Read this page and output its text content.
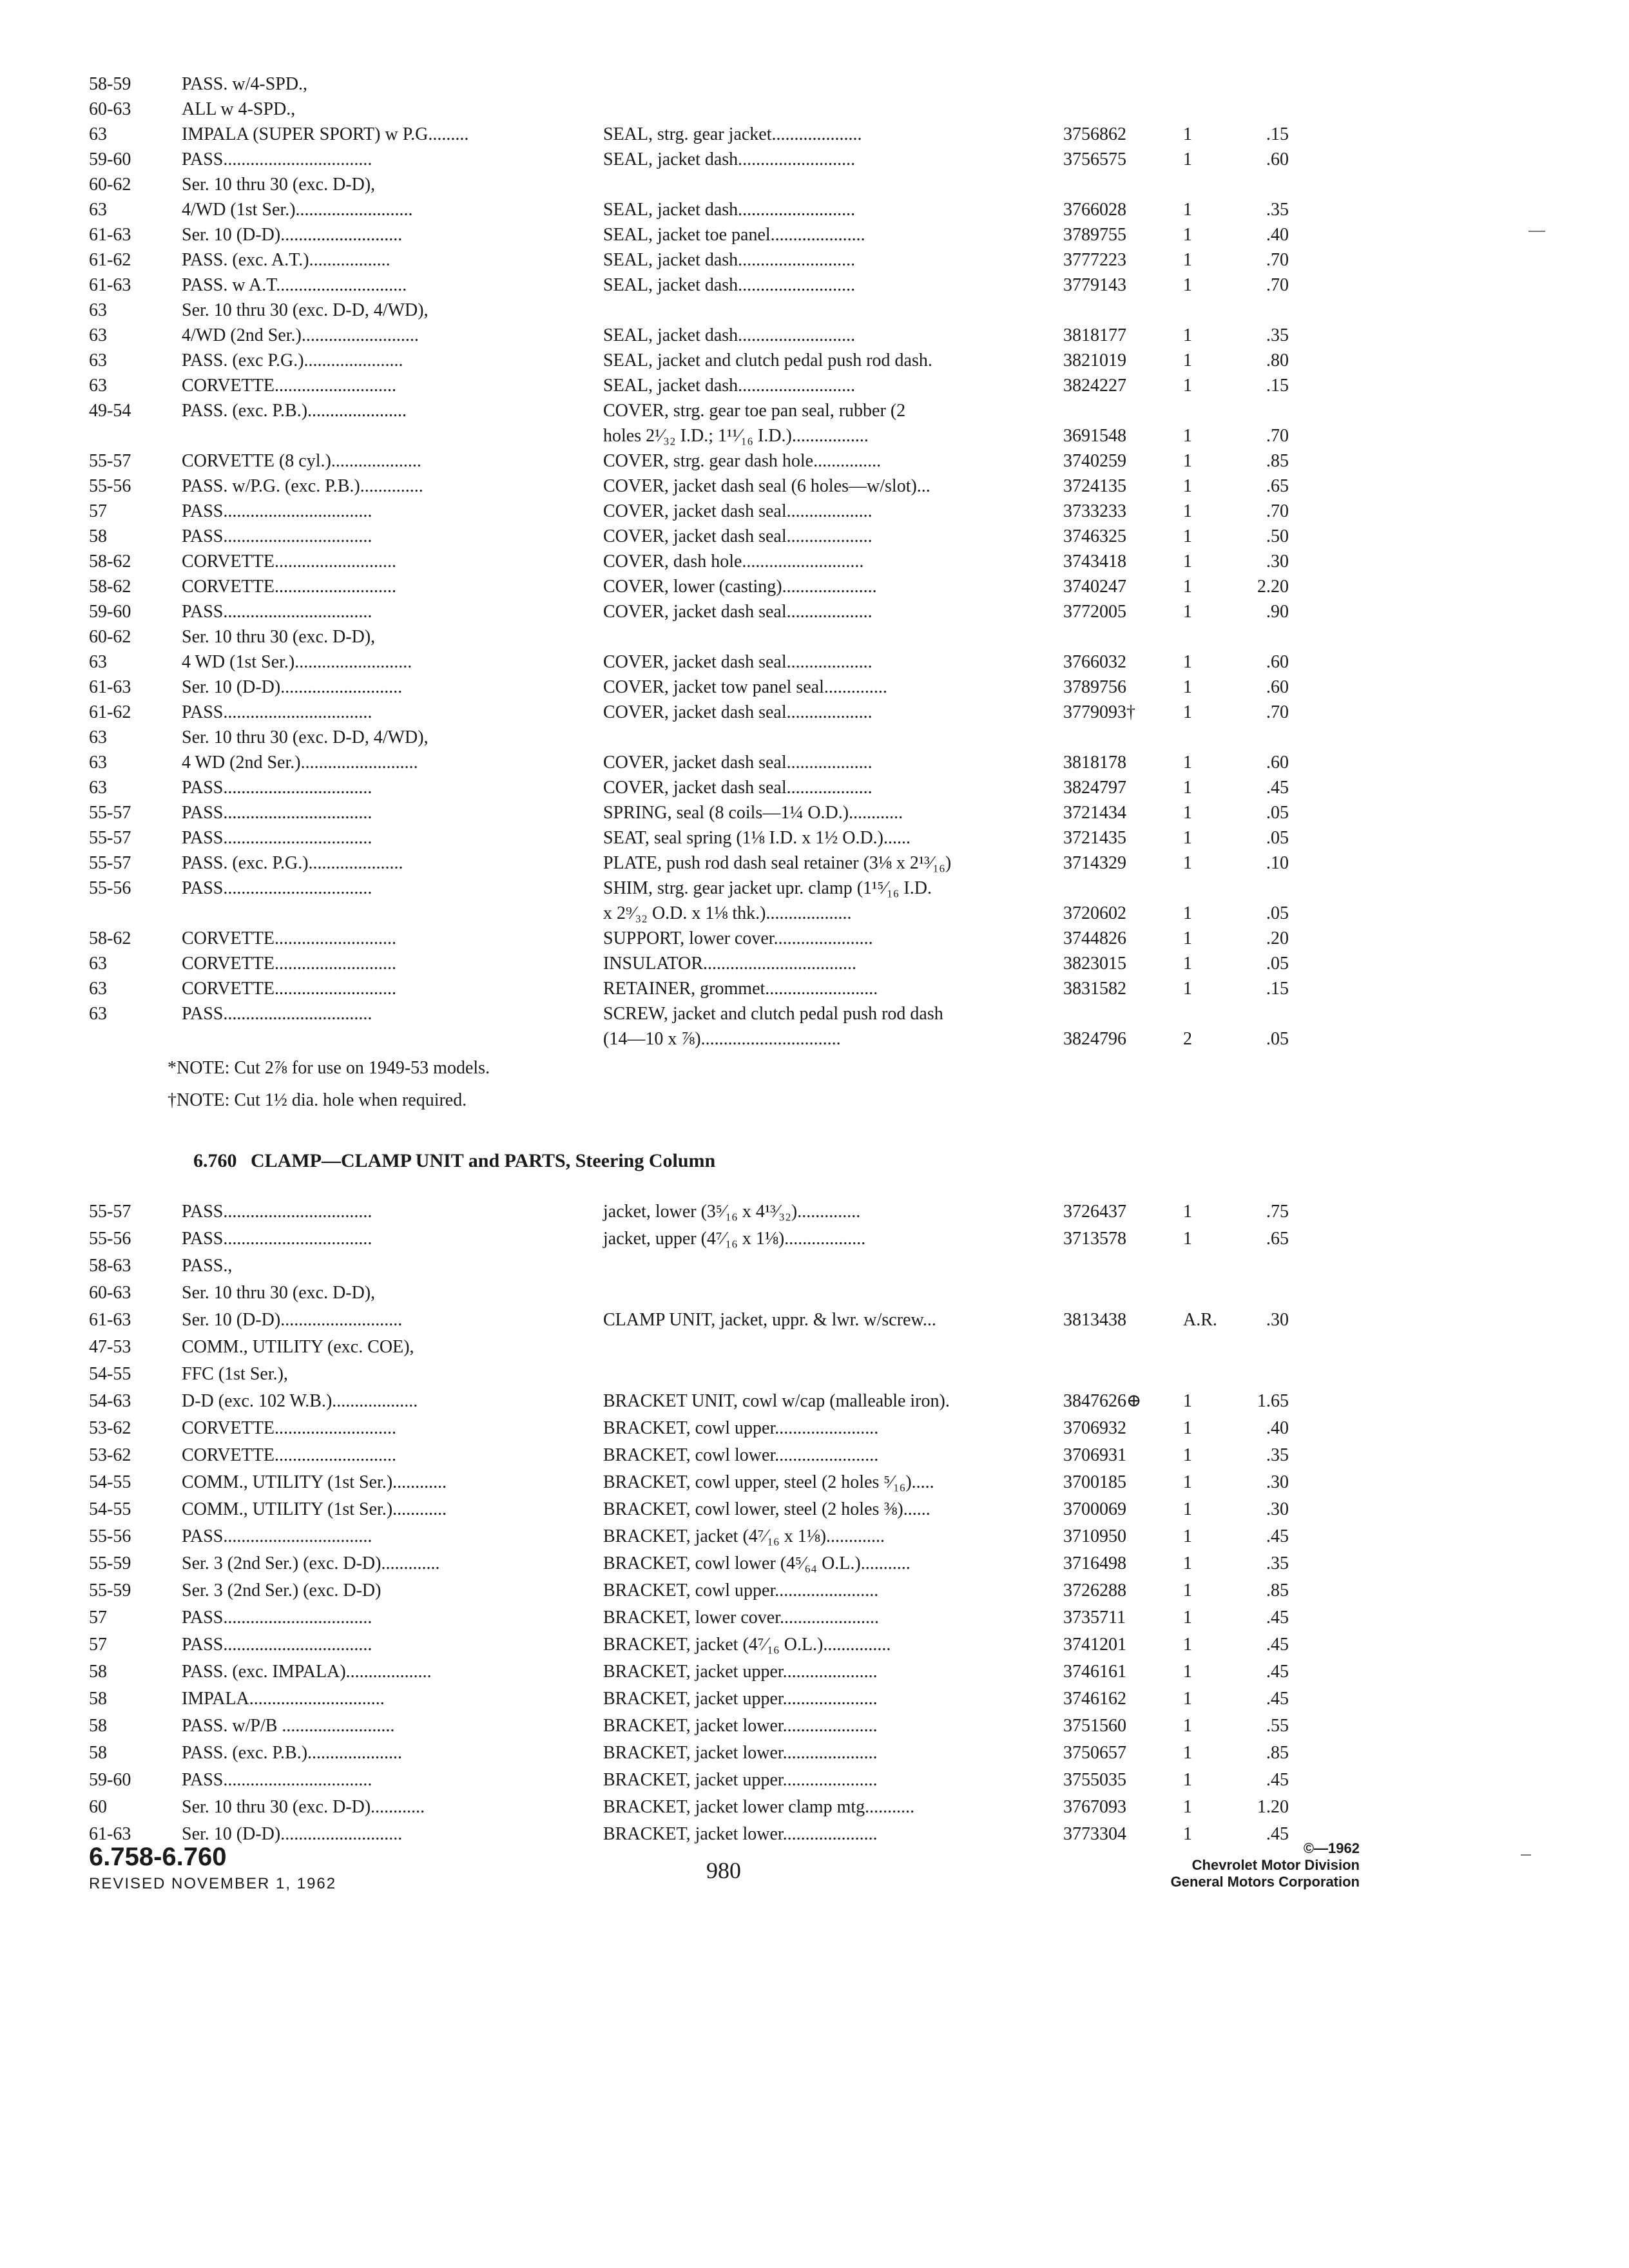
58-59	PASS. w/4-SPD.,
60-63	ALL w 4-SPD.,
63	IMPALA (SUPER SPORT) w P.G.........	SEAL, strg. gear jacket....................	3756862	1	.15
59-60	PASS.................................	SEAL, jacket dash..........................	3756575	1	.60
60-62	Ser. 10 thru 30 (exc. D-D),
63	4/WD (1st Ser.)..........................	SEAL, jacket dash..........................	3766028	1	.35
61-63	Ser. 10 (D-D)...........................	SEAL, jacket toe panel.....................	3789755	1	.40
61-62	PASS. (exc. A.T.)..................	SEAL, jacket dash..........................	3777223	1	.70
61-63	PASS. w A.T.............................	SEAL, jacket dash..........................	3779143	1	.70
63	Ser. 10 thru 30 (exc. D-D, 4/WD),
63	4/WD (2nd Ser.)..........................	SEAL, jacket dash..........................	3818177	1	.35
63	PASS. (exc P.G.)......................	SEAL, jacket and clutch pedal push rod dash.	3821019	1	.80
63	CORVETTE...........................	SEAL, jacket dash..........................	3824227	1	.15
49-54	PASS. (exc. P.B.)......................	COVER, strg. gear toe pan seal, rubber (2
holes 2¹⁄₃₂ I.D.; 1¹¹⁄₁₆ I.D.).................	3691548	1	.70
55-57	CORVETTE (8 cyl.)....................	COVER, strg. gear dash hole...............	3740259	1	.85
55-56	PASS. w/P.G. (exc. P.B.)..............	COVER, jacket dash seal (6 holes—w/slot)...	3724135	1	.65
57	PASS.................................	COVER, jacket dash seal...................	3733233	1	.70
58	PASS.................................	COVER, jacket dash seal...................	3746325	1	.50
58-62	CORVETTE...........................	COVER, dash hole...........................	3743418	1	.30
58-62	CORVETTE...........................	COVER, lower (casting).....................	3740247	1	2.20
59-60	PASS.................................	COVER, jacket dash seal...................	3772005	1	.90
60-62	Ser. 10 thru 30 (exc. D-D),
63	4 WD (1st Ser.)..........................	COVER, jacket dash seal...................	3766032	1	.60
61-63	Ser. 10 (D-D)...........................	COVER, jacket tow panel seal..............	3789756	1	.60
61-62	PASS.................................	COVER, jacket dash seal...................	3779093†	1	.70
63	Ser. 10 thru 30 (exc. D-D, 4/WD),
63	4 WD (2nd Ser.)..........................	COVER, jacket dash seal...................	3818178	1	.60
63	PASS.................................	COVER, jacket dash seal...................	3824797	1	.45
55-57	PASS.................................	SPRING, seal (8 coils—1¼ O.D.)............	3721434	1	.05
55-57	PASS.................................	SEAT, seal spring (1⅛ I.D. x 1½ O.D.)......	3721435	1	.05
55-57	PASS. (exc. P.G.).....................	PLATE, push rod dash seal retainer (3⅛ x 2¹³⁄₁₆)	3714329	1	.10
55-56	PASS.................................	SHIM, strg. gear jacket upr. clamp (1¹⁵⁄₁₆ I.D.
x 2⁹⁄₃₂ O.D. x 1⅛ thk.)...................	3720602	1	.05
58-62	CORVETTE...........................	SUPPORT, lower cover......................	3744826	1	.20
63	CORVETTE...........................	INSULATOR..................................	3823015	1	.05
63	CORVETTE...........................	RETAINER, grommet.........................	3831582	1	.15
63	PASS.................................	SCREW, jacket and clutch pedal push rod dash
(14—10 x ⅞)...............................	3824796	2	.05
*NOTE: Cut 2⅞ for use on 1949-53 models.
†NOTE: Cut 1½ dia. hole when required.
6.760 CLAMP—CLAMP UNIT and PARTS, Steering Column
55-57	PASS.................................	jacket, lower (3⁵⁄₁₆ x 4¹³⁄₃₂)..............	3726437	1	.75
55-56	PASS.................................	jacket, upper (4⁷⁄₁₆ x 1⅛)..................	3713578	1	.65
58-63	PASS.,
60-63	Ser. 10 thru 30 (exc. D-D),
61-63	Ser. 10 (D-D)...........................	CLAMP UNIT, jacket, uppr. & lwr. w/screw...	3813438	A.R.	.30
47-53	COMM., UTILITY (exc. COE),
54-55	FFC (1st Ser.),
54-63	D-D (exc. 102 W.B.)...................	BRACKET UNIT, cowl w/cap (malleable iron).	3847626⊕ 1	1.65
53-62	CORVETTE...........................	BRACKET, cowl upper.......................	3706932	1	.40
53-62	CORVETTE...........................	BRACKET, cowl lower.......................	3706931	1	.35
54-55	COMM., UTILITY (1st Ser.)............	BRACKET, cowl upper, steel (2 holes ⁵⁄₁₆).....	3700185	1	.30
54-55	COMM., UTILITY (1st Ser.)............	BRACKET, cowl lower, steel (2 holes ⅜)......	3700069	1	.30
55-56	PASS.................................	BRACKET, jacket (4⁷⁄₁₆ x 1⅛).............	3710950	1	.45
55-59	Ser. 3 (2nd Ser.) (exc. D-D).............	BRACKET, cowl lower (4⁵⁄₆₄ O.L.)...........	3716498	1	.35
55-59	Ser. 3 (2nd Ser.) (exc. D-D)	BRACKET, cowl upper.......................	3726288	1	.85
57	PASS.................................	BRACKET, lower cover......................	3735711	1	.45
57	PASS.................................	BRACKET, jacket (4⁷⁄₁₆ O.L.)...............	3741201	1	.45
58	PASS. (exc. IMPALA)...................	BRACKET, jacket upper.....................	3746161	1	.45
58	IMPALA..............................	BRACKET, jacket upper.....................	3746162	1	.45
58	PASS. w/P/B .........................	BRACKET, jacket lower.....................	3751560	1	.55
58	PASS. (exc. P.B.).....................	BRACKET, jacket lower.....................	3750657	1	.85
59-60	PASS.................................	BRACKET, jacket upper.....................	3755035	1	.45
60	Ser. 10 thru 30 (exc. D-D)............	BRACKET, jacket lower clamp mtg...........	3767093	1	1.20
61-63	Ser. 10 (D-D)...........................	BRACKET, jacket lower.....................	3773304	1	.45
6.758-6.760
REVISED NOVEMBER 1, 1962
980
©—1962
Chevrolet Motor Division
General Motors Corporation
